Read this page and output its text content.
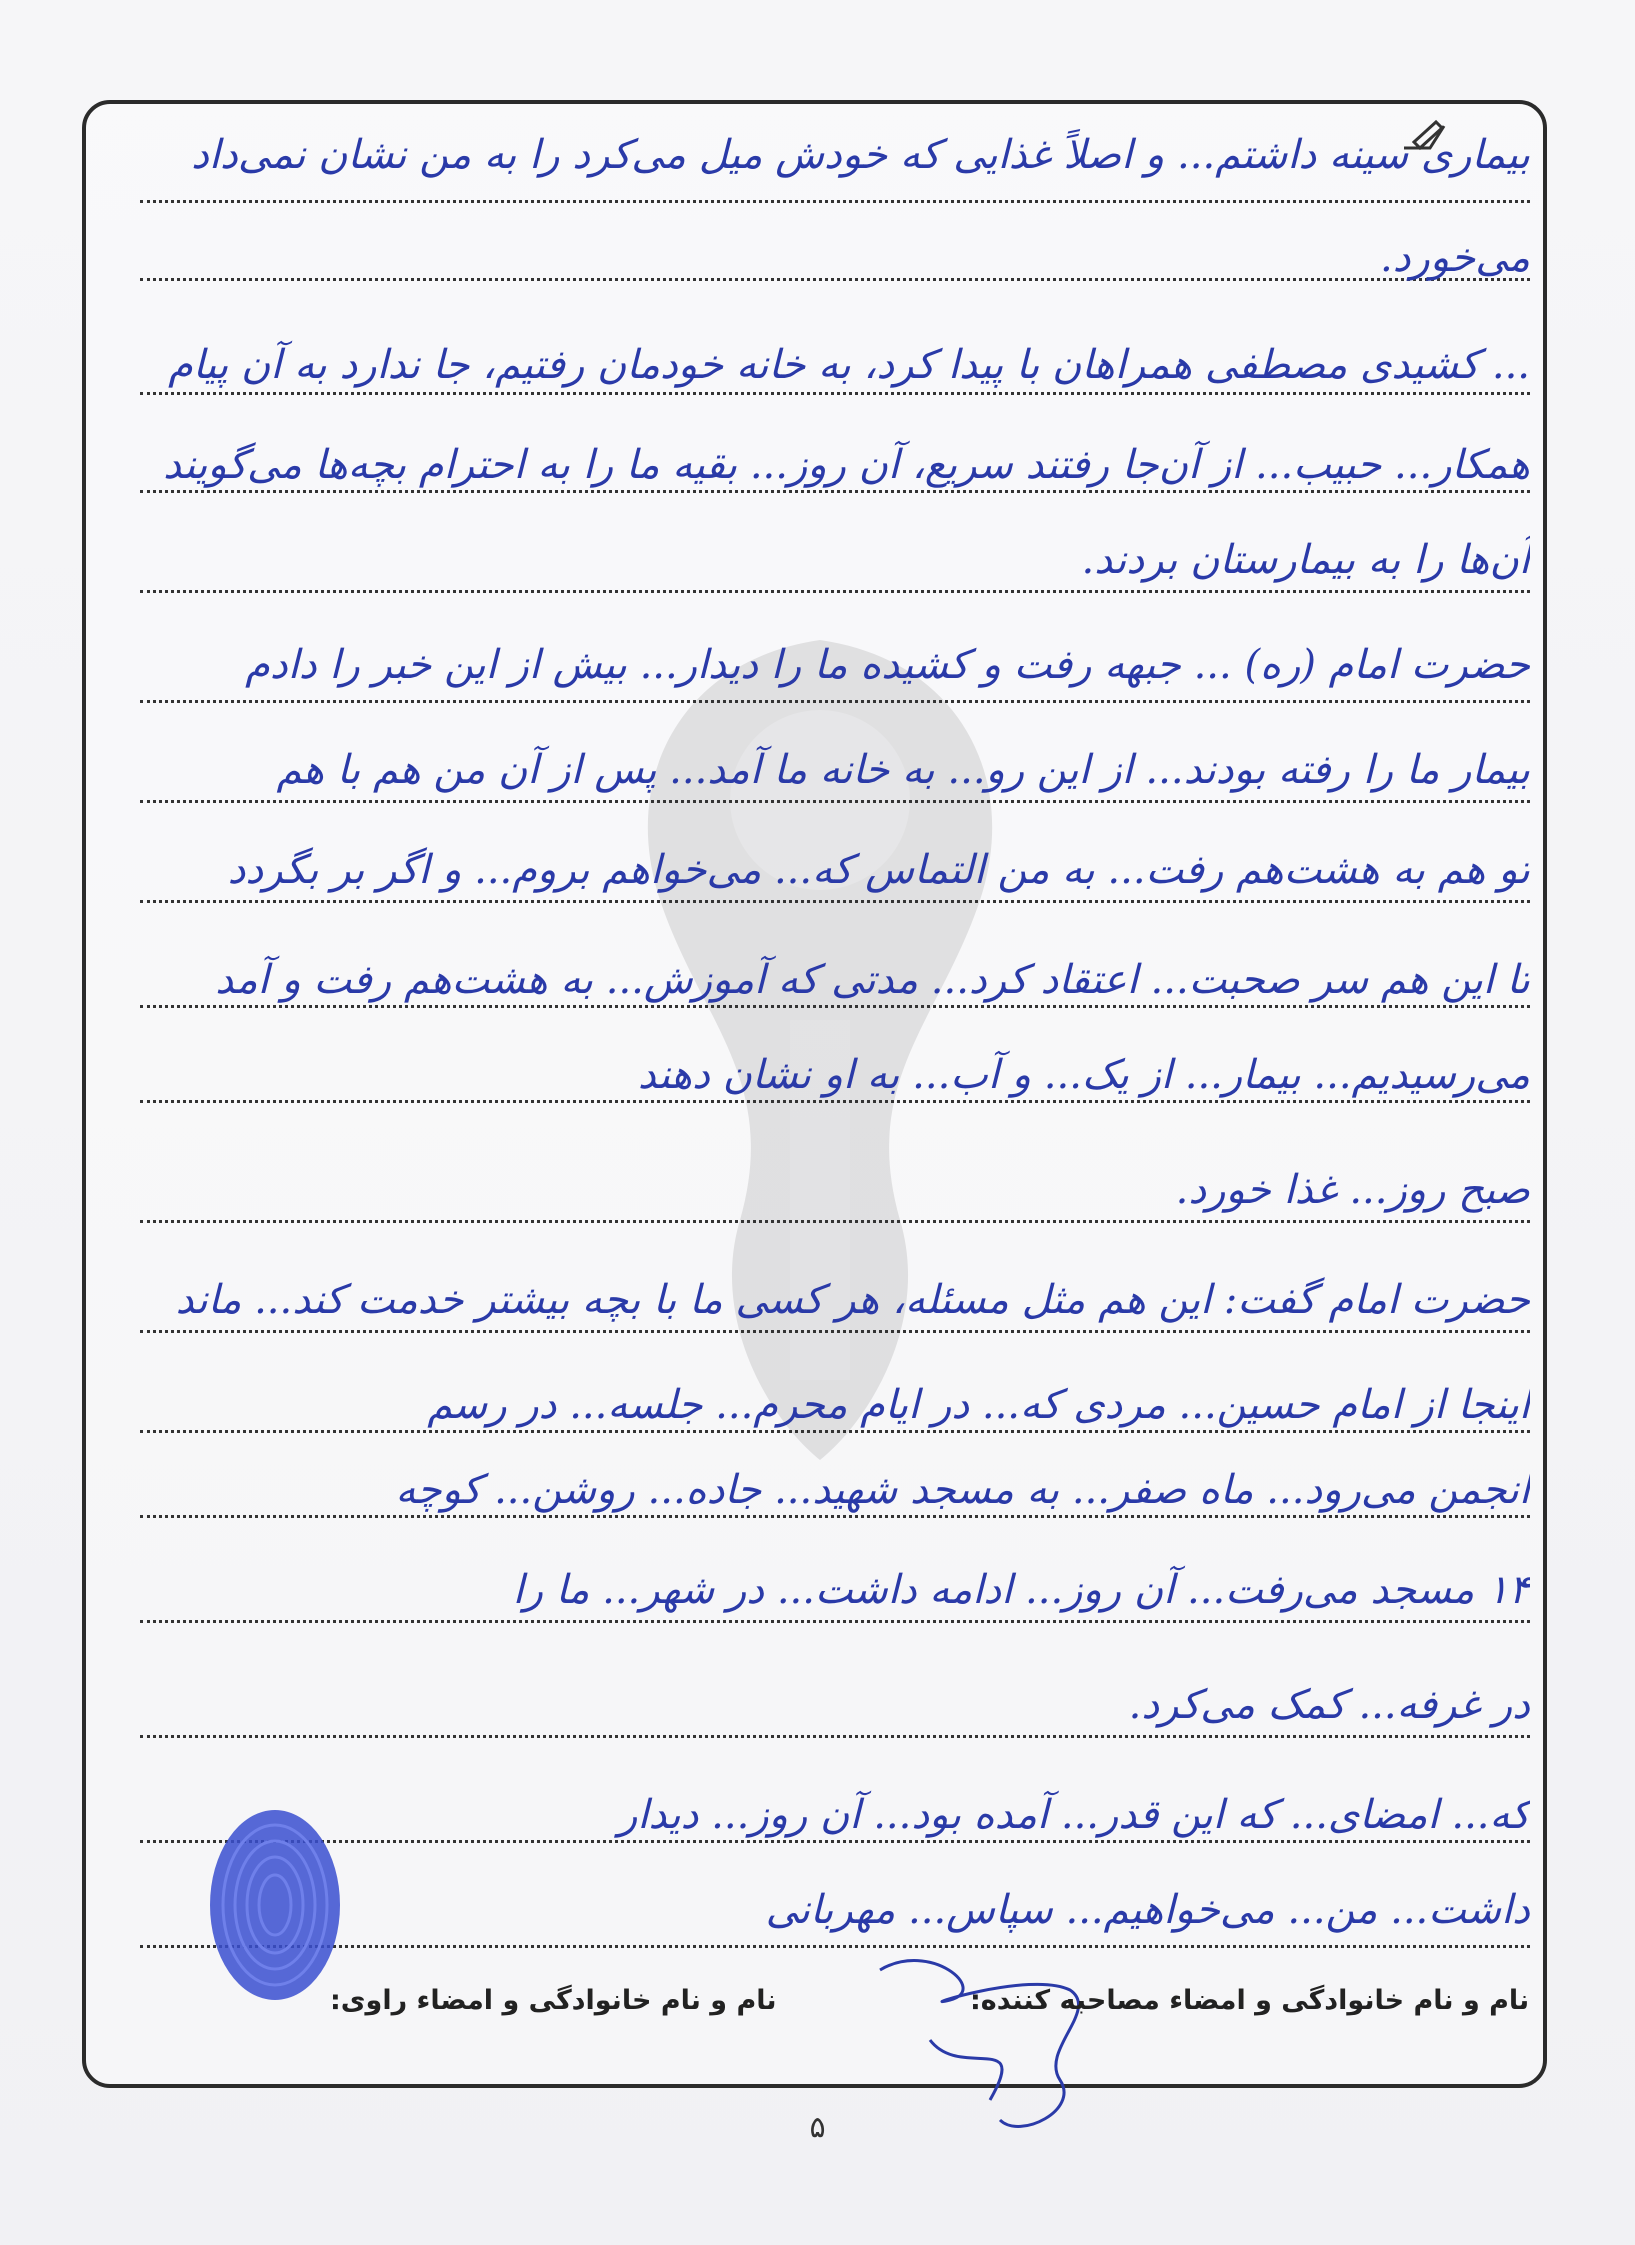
بیماری سینه داشتم... و اصلاً غذایی که خودش میل می‌کرد را به من نشان نمی‌داد
می‌خورد.
... کشیدی مصطفی همراهان با پیدا کرد، به خانه خودمان رفتیم، جا ندارد به آن پیام
همکار... حبیب... از آن‌جا رفتند سریع، آن روز... بقیه ما را به احترام بچه‌ها می‌گویند
آن‌ها را به بیمارستان بردند.
حضرت امام (ره) ... جبهه رفت و کشیده ما را دیدار... بیش از این خبر را دادم
بیمار ما را رفته بودند... از این رو... به خانه ما آمد... پس از آن من هم با هم
تو هم به هشت‌هم رفت... به من التماس که... می‌خواهم بروم... و اگر بر بگردد
تا این هم سر صحبت... اعتقاد کرد... مدتی که آموزش... به هشت‌هم رفت و آمد
می‌رسیدیم... بیمار... از یک... و آب... به او نشان دهند
صبح روز... غذا خورد.
حضرت امام گفت: این هم مثل مسئله، هر کسی ما با بچه بیشتر خدمت کند... ماند
اینجا از امام حسین... مردی که... در ایام محرم... جلسه... در رسم
انجمن می‌رود... ماه صفر... به مسجد شهید... جاده... روشن... کوچه
۱۴ مسجد می‌رفت... آن روز... ادامه داشت... در شهر... ما را
در غرفه... کمک می‌کرد.
که... امضای... که این قدر... آمده بود... آن روز... دیدار
داشت... من... می‌خواهیم... سپاس... مهربانی
نام و نام خانوادگی و امضاء مصاحبه کننده:
نام و نام خانوادگی و امضاء راوی:
۵
